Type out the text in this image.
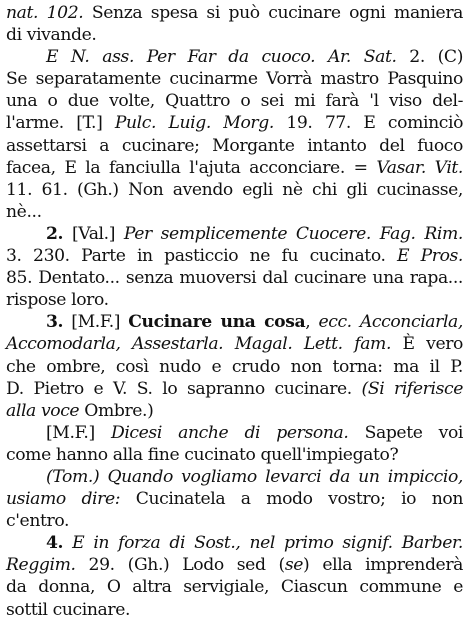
nat. 102. Senza spesa si può cucinare ogni maniera
di vivande.
E N. ass. Per Far da cuoco. Ar. Sat. 2. (C)
Se separatamente cucinarme Vorrà mastro Pasquino
una o due volte, Quattro o sei mi farà 'l viso del-
l'arme. [T.] Pulc. Luig. Morg. 19. 77. E cominciò
assettarsi a cucinare; Morgante intanto del fuoco
facea, E la fanciulla l'ajuta acconciare. = Vasar. Vit.
11. 61. (Gh.) Non avendo egli nè chi gli cucinasse,
nè...
2. [Val.] Per semplicemente Cuocere. Fag. Rim.
3. 230. Parte in pasticcio ne fu cucinato. E Pros.
85. Dentato... senza muoversi dal cucinare una rapa...
rispose loro.
3. [M.F.] Cucinare una cosa, ecc. Acconciarla,
Accomodarla, Assestarla. Magal. Lett. fam. È vero
che ombre, così nudo e crudo non torna: ma il P.
D. Pietro e V. S. lo sapranno cucinare. (Si riferisce
alla voce Ombre.)
[M.F.] Dicesi anche di persona. Sapete voi
come hanno alla fine cucinato quell'impiegato?
(Tom.) Quando vogliamo levarci da un impiccio,
usiamo dire: Cucinatela a modo vostro; io non
c'entro.
4. E in forza di Sost., nel primo signif. Barber.
Reggim. 29. (Gh.) Lodo sed (se) ella imprenderà
da donna, O altra servigiale, Ciascun commune e
sottil cucinare.
